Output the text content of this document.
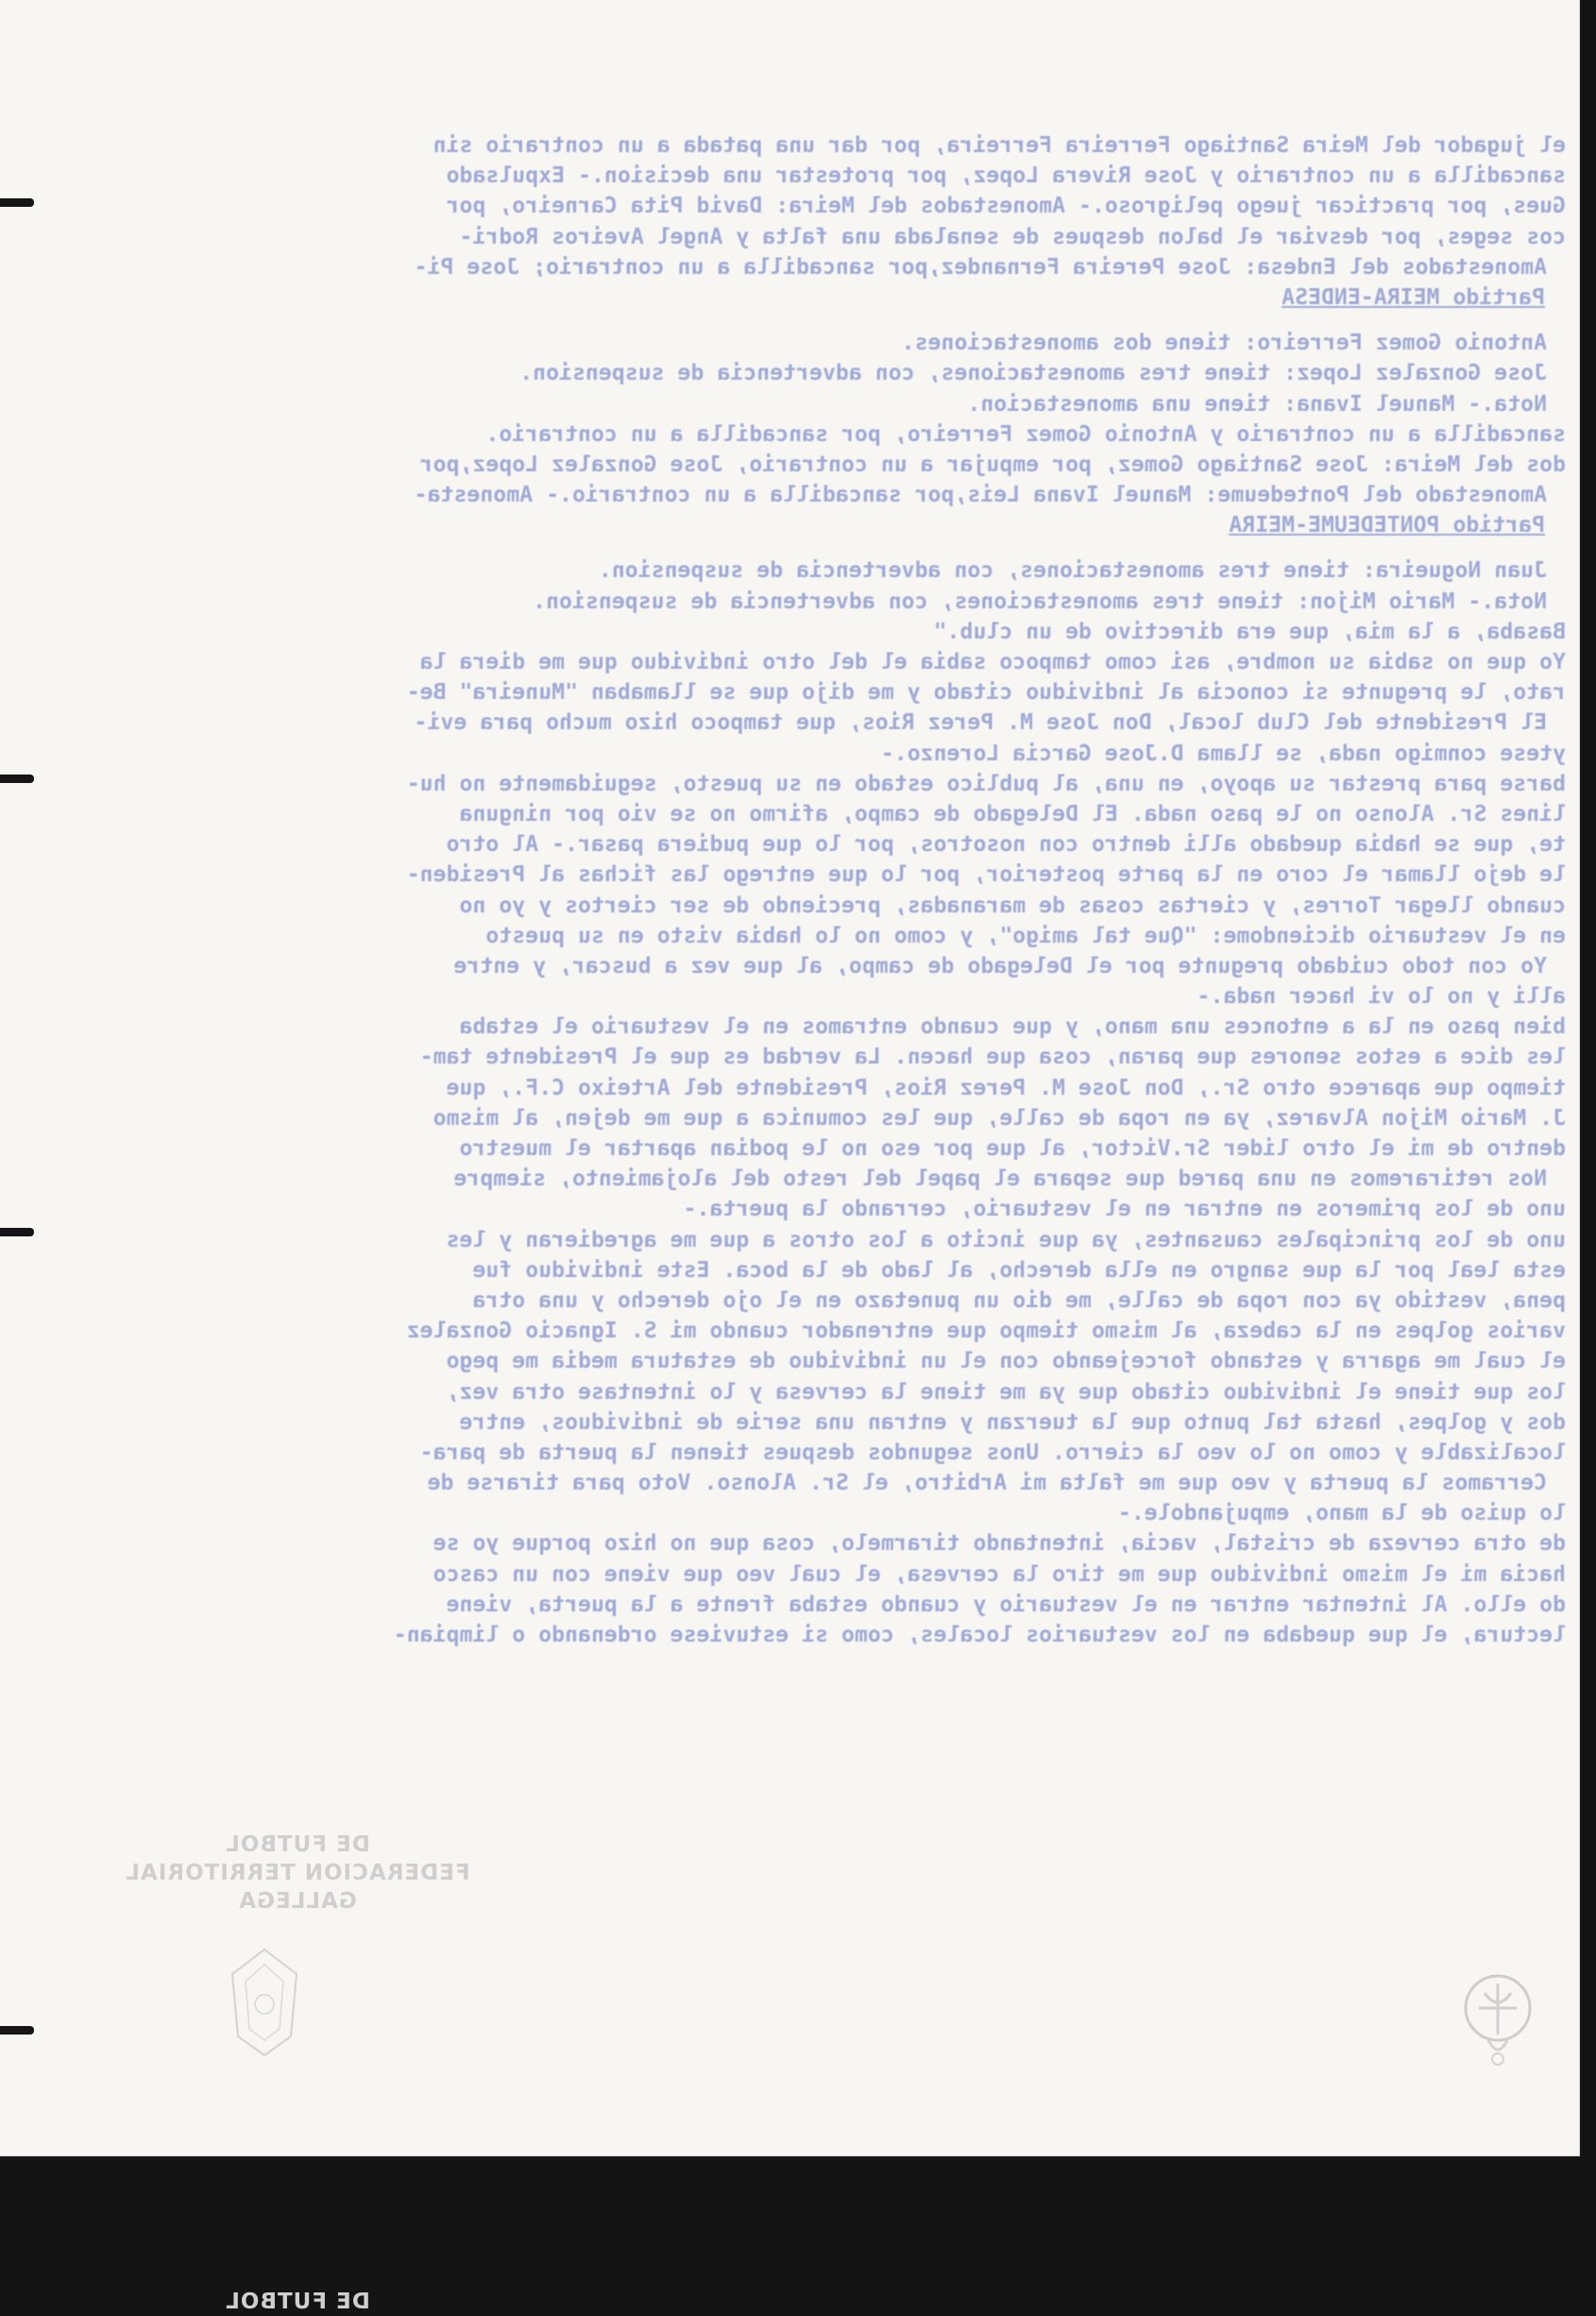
el jugador del Meira Santiago Ferreira Ferreira, por dar una patada a un contrario sin
sancadilla a un contrario y Jose Rivera Lopez, por protestar una decision.- Expulsado
Gues, por practicar juego peligroso.- Amonestados del Meira: David Pita Carneiro, por
cos seges, por desviar el balon despues de senalada una falta y Angel Aveiros Rodri-
Amonestados del Endesa: Jose Pereira Fernandez,por sancadilla a un contrario; Jose Pi-
Partido MEIRA-ENDESA
Antonio Gomez Ferreiro: tiene dos amonestaciones.
Jose Gonzalez Lopez: tiene tres amonestaciones, con advertencia de suspension.
Nota.- Manuel Ivana: tiene una amonestacion.
sancadilla a un contrario y Antonio Gomez Ferreiro, por sancadilla a un contrario.
dos del Meira: Jose Santiago Gomez, por empujar a un contrario, Jose Gonzalez Lopez,por
Amonestado del Pontedeume: Manuel Ivana Leis,por sancadilla a un contrario.- Amonesta-
Partido PONTEDEUME-MEIRA
Juan Nogueira: tiene tres amonestaciones, con advertencia de suspension.
Nota.- Mario Mijon: tiene tres amonestaciones, con advertencia de suspension.
Basaba, a la mia, que era directivo de un club."
Yo que no sabia su nombre, asi como tampoco sabia el del otro individuo que me diera la
rato, le pregunte si conocia al individuo citado y me dijo que se llamaban "Muneira" Be-
El Presidente del Club local, Don Jose M. Perez Rios, que tampoco hizo mucho para evi-
ytese conmigo nada, se llama D.Jose Garcia Lorenzo.-
barse para prestar su apoyo, en una, al publico estado en su puesto, seguidamente no hu-
lines Sr. Alonso no le paso nada. El Delegado de campo, afirmo no se vio por ninguna
te, que se habia quedado alli dentro con nosotros, por lo que pudiera pasar.- Al otro
le dejo llamar el coro en la parte posterior, por lo que entrego las fichas al Presiden-
cuando llegar Torres, y ciertas cosas de maranadas, preciendo de ser ciertos y yo no
en el vestuario diciendome: "Que tal amigo", y como no lo habia visto en su puesto
Yo con todo cuidado pregunte por el Delegado de campo, al que vez a buscar, y entre
alli y no lo vi hacer nada.-
bien paso en la a entonces una mano, y que cuando entramos en el vestuario el estaba
les dice a estos senores que paran, cosa que hacen. La verdad es que el Presidente tam-
tiempo que aparece otro Sr., Don Jose M. Perez Rios, Presidente del Arteixo C.F., que
J. Mario Mijon Alvarez, ya en ropa de calle, que les comunica a que me dejen, al mismo
dentro de mi el otro lider Sr.Victor, al que por eso no le podian apartar el muestro
Nos retiraremos en una pared que separa el papel del resto del alojamiento, siempre
uno de los primeros en entrar en el vestuario, cerrando la puerta.-
uno de los principales causantes, ya que incito a los otros a que me agredieran y les
esta leal por la que sangro en ella derecho, al lado de la boca. Este individuo fue
pena, vestido ya con ropa de calle, me dio un punetazo en el ojo derecho y una otra
varios golpes en la cabeza, al mismo tiempo que entrenador cuando mi S. Ignacio Gonzalez
el cual me agarra y estando forcejeando con el un individuo de estatura media me pego
los que tiene el individuo citado que ya me tiene la cervesa y lo intentase otra vez,
dos y golpes, hasta tal punto que la tuerzan y entran una serie de individuos, entre
localizable y como no lo veo la cierro. Unos segundos despues tienen la puerta de para-
Cerramos la puerta y veo que me falta mi Arbitro, el Sr. Alonso. Voto para tirarse de
lo quiso de la mano, empujandole.-
de otra cerveza de cristal, vacia, intentando tirarmelo, cosa que no hizo porque yo se
hacia mi el mismo individuo que me tiro la cervesa, el cual veo que viene con un casco
do ello. Al intentar entrar en el vestuario y cuando estaba frente a la puerta, viene
lectura, el que quedaba en los vestuarios locales, como si estuviese ordenando o limpian-
DE FUTBOL
DE FUTBOL
FEDERACION TERRITORIAL GALLEGA
